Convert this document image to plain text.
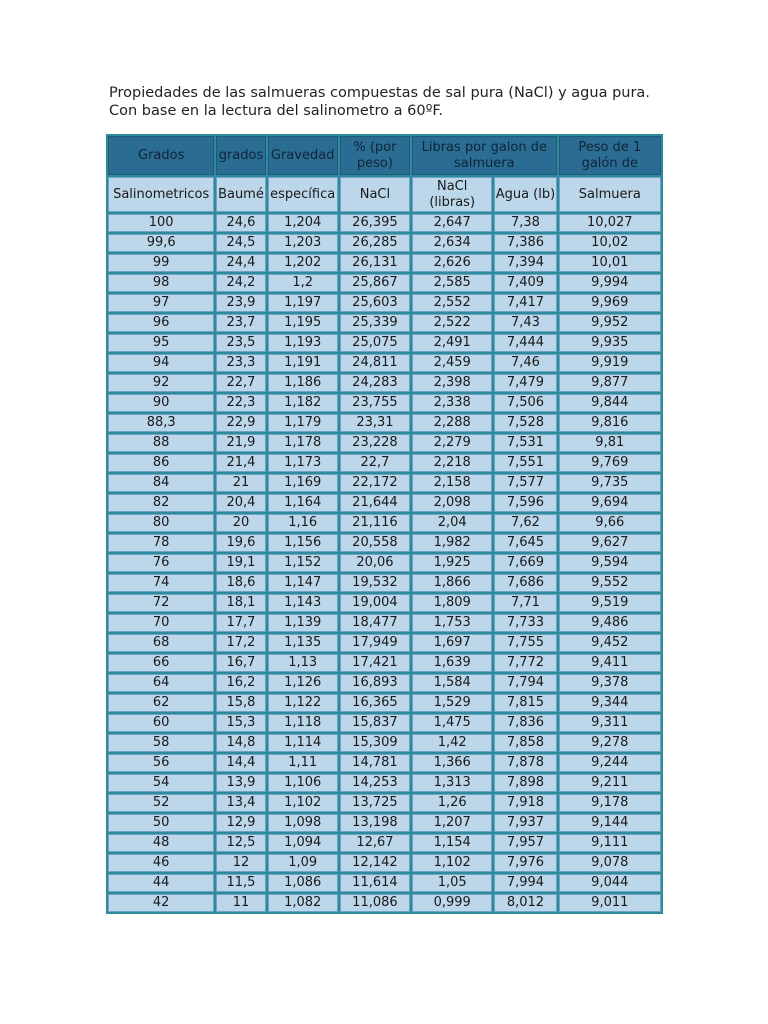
Propiedades de las salmueras compuestas de sal pura (NaCl) y agua pura.
Con base en la lectura del salinometro a 60ºF.
Grados	grados	Gravedad	% (por peso)	Libras por galon de salmuera		Peso de 1 galón de
Salinometricos	Baumé	específica	NaCl	NaCl (libras)	Agua (lb)	Salmuera
100	24,6	1,204	26,395	2,647	7,38	10,027
99,6	24,5	1,203	26,285	2,634	7,386	10,02
99	24,4	1,202	26,131	2,626	7,394	10,01
98	24,2	1,2	25,867	2,585	7,409	9,994
97	23,9	1,197	25,603	2,552	7,417	9,969
96	23,7	1,195	25,339	2,522	7,43	9,952
95	23,5	1,193	25,075	2,491	7,444	9,935
94	23,3	1,191	24,811	2,459	7,46	9,919
92	22,7	1,186	24,283	2,398	7,479	9,877
90	22,3	1,182	23,755	2,338	7,506	9,844
88,3	22,9	1,179	23,31	2,288	7,528	9,816
88	21,9	1,178	23,228	2,279	7,531	9,81
86	21,4	1,173	22,7	2,218	7,551	9,769
84	21	1,169	22,172	2,158	7,577	9,735
82	20,4	1,164	21,644	2,098	7,596	9,694
80	20	1,16	21,116	2,04	7,62	9,66
78	19,6	1,156	20,558	1,982	7,645	9,627
76	19,1	1,152	20,06	1,925	7,669	9,594
74	18,6	1,147	19,532	1,866	7,686	9,552
72	18,1	1,143	19,004	1,809	7,71	9,519
70	17,7	1,139	18,477	1,753	7,733	9,486
68	17,2	1,135	17,949	1,697	7,755	9,452
66	16,7	1,13	17,421	1,639	7,772	9,411
64	16,2	1,126	16,893	1,584	7,794	9,378
62	15,8	1,122	16,365	1,529	7,815	9,344
60	15,3	1,118	15,837	1,475	7,836	9,311
58	14,8	1,114	15,309	1,42	7,858	9,278
56	14,4	1,11	14,781	1,366	7,878	9,244
54	13,9	1,106	14,253	1,313	7,898	9,211
52	13,4	1,102	13,725	1,26	7,918	9,178
50	12,9	1,098	13,198	1,207	7,937	9,144
48	12,5	1,094	12,67	1,154	7,957	9,111
46	12	1,09	12,142	1,102	7,976	9,078
44	11,5	1,086	11,614	1,05	7,994	9,044
42	11	1,082	11,086	0,999	8,012	9,011
